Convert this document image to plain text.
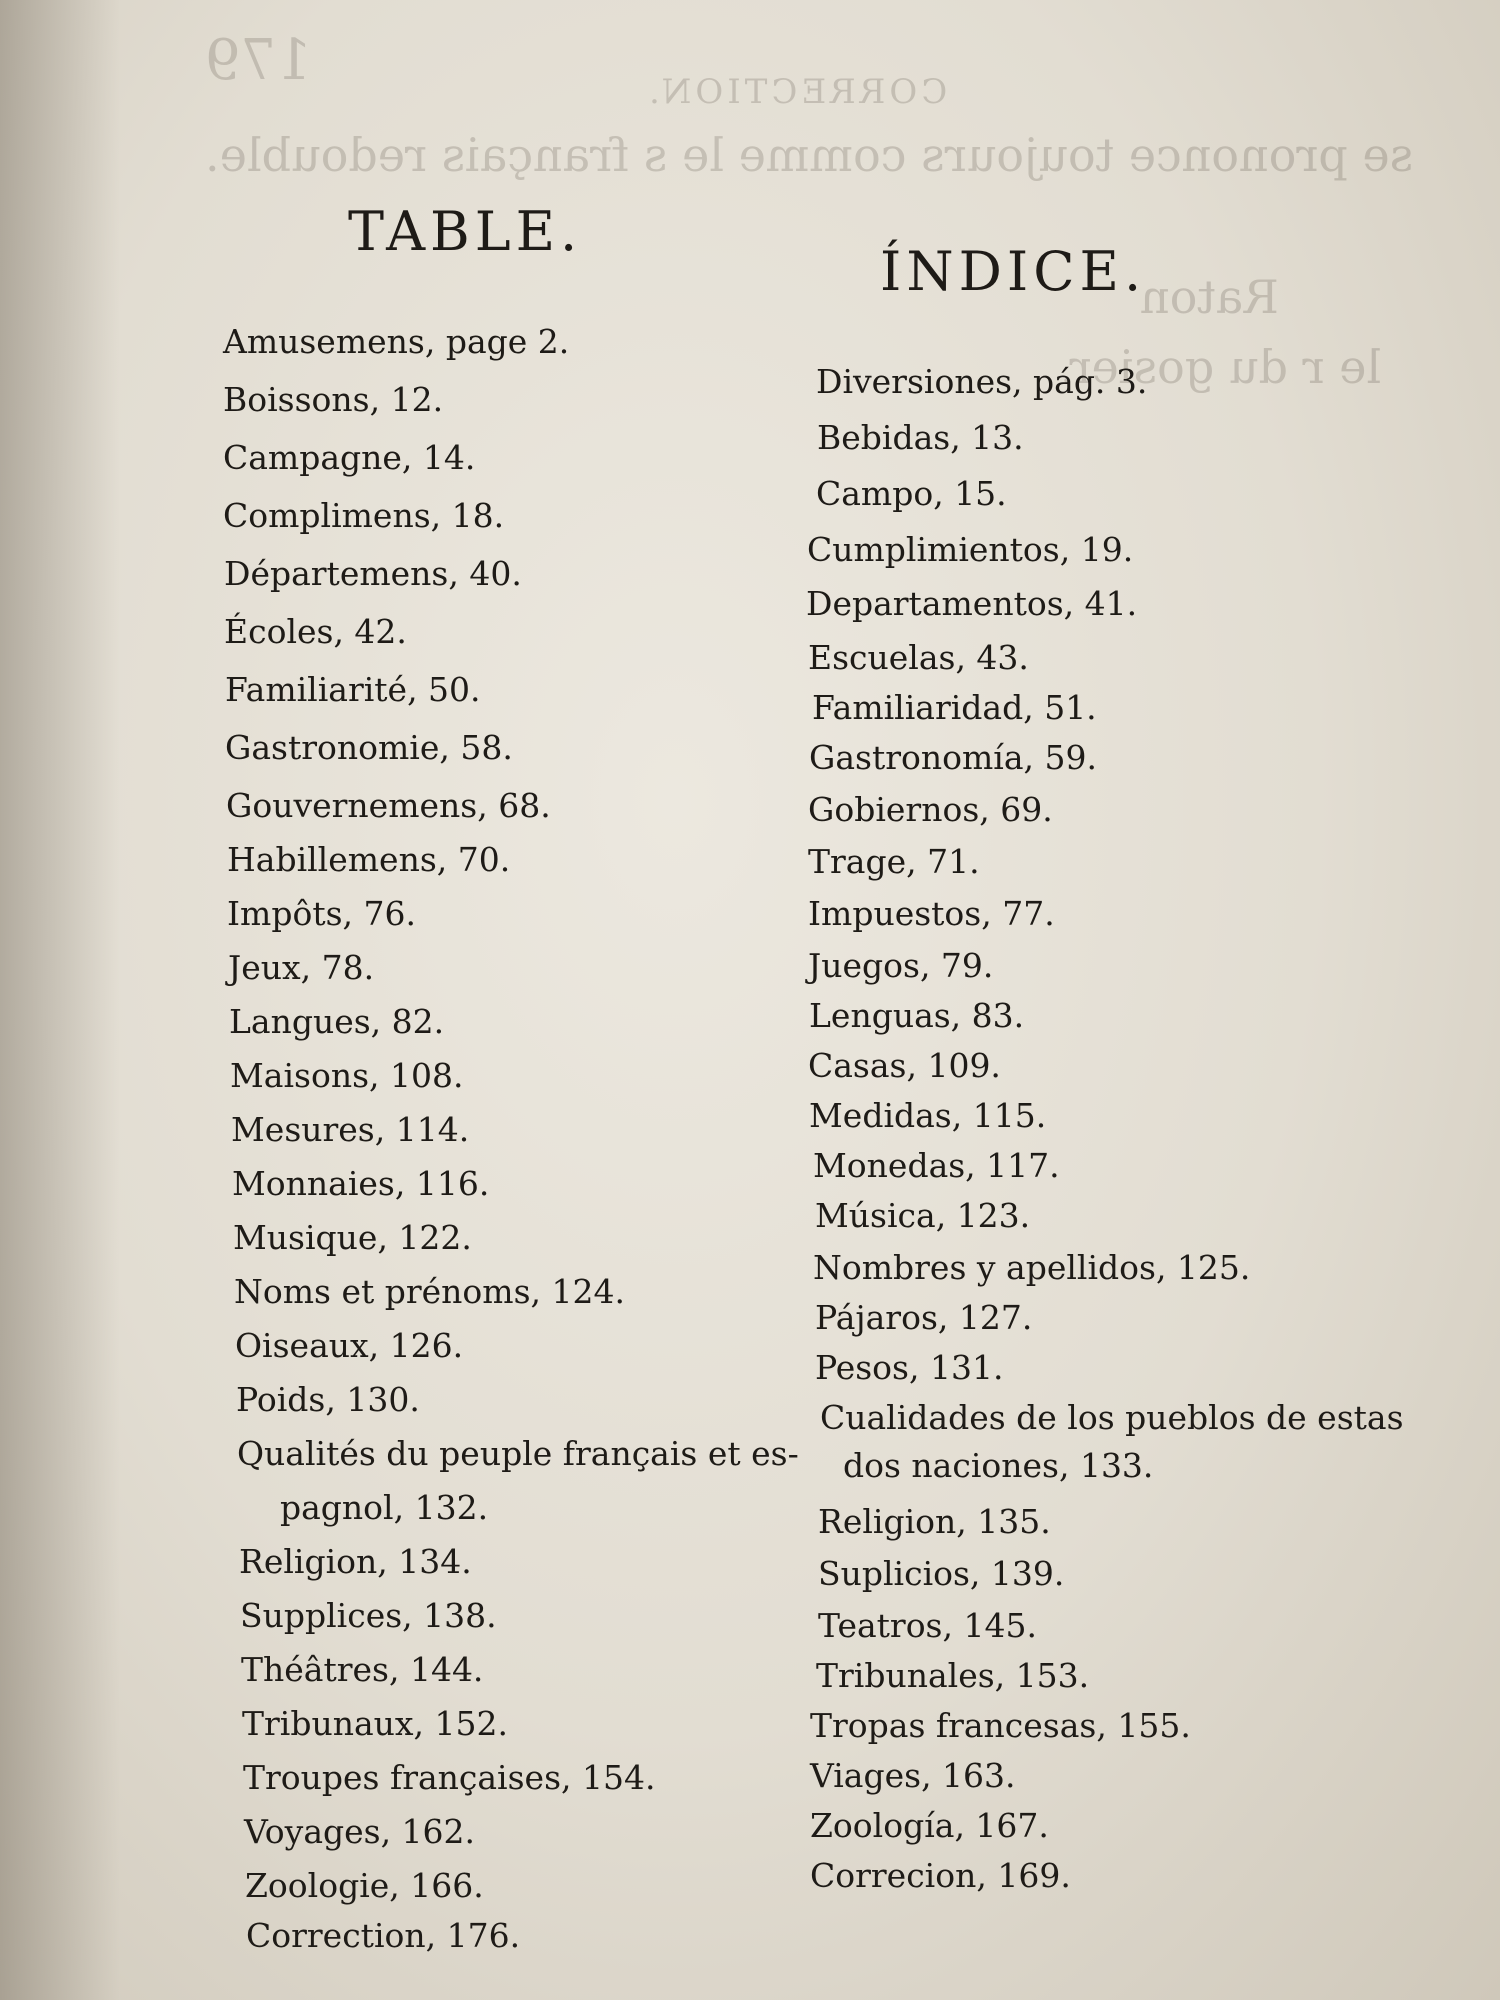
179	CORRECTION.
se prononce toujours comme le s français redouble.
Raton
le r du gosier.
TABLE.
ÍNDICE.
Amusemens, page 2.
Boissons, 12.
Campagne, 14.
Complimens, 18.
Départemens, 40.
Écoles, 42.
Familiarité, 50.
Gastronomie, 58.
Gouvernemens, 68.
Habillemens, 70.
Impôts, 76.
Jeux, 78.
Langues, 82.
Maisons, 108.
Mesures, 114.
Monnaies, 116.
Musique, 122.
Noms et prénoms, 124.
Oiseaux, 126.
Poids, 130.
Qualités du peuple français et es-
pagnol, 132.
Religion, 134.
Supplices, 138.
Théâtres, 144.
Tribunaux, 152.
Troupes françaises, 154.
Voyages, 162.
Zoologie, 166.
Correction, 176.
Diversiones, pág. 3.
Bebidas, 13.
Campo, 15.
Cumplimientos, 19.
Departamentos, 41.
Escuelas, 43.
Familiaridad, 51.
Gastronomía, 59.
Gobiernos, 69.
Trage, 71.
Impuestos, 77.
Juegos, 79.
Lenguas, 83.
Casas, 109.
Medidas, 115.
Monedas, 117.
Música, 123.
Nombres y apellidos, 125.
Pájaros, 127.
Pesos, 131.
Cualidades de los pueblos de estas
dos naciones, 133.
Religion, 135.
Suplicios, 139.
Teatros, 145.
Tribunales, 153.
Tropas francesas, 155.
Viages, 163.
Zoología, 167.
Correcion, 169.
